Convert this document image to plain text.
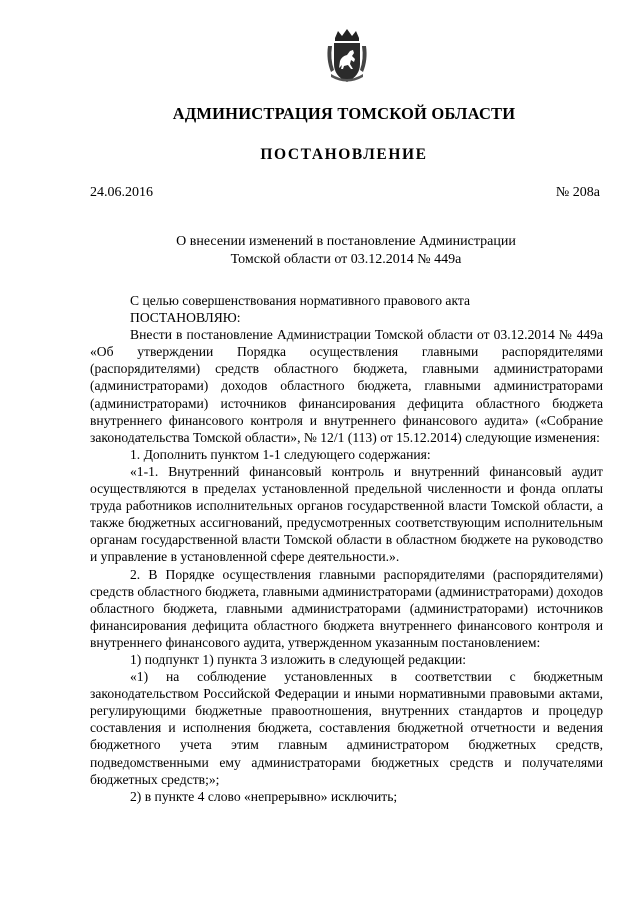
АДМИНИСТРАЦИЯ ТОМСКОЙ ОБЛАСТИ
ПОСТАНОВЛЕНИЕ
24.06.2016	№ 208а
О внесении изменений в постановление Администрации
Томской области от 03.12.2014 № 449а

С целью совершенствования нормативного правового акта

ПОСТАНОВЛЯЮ:

Внести в постановление Администрации Томской области от 03.12.2014 № 449а «Об утверждении Порядка осуществления главными распорядителями (распорядителями) средств областного бюджета, главными администраторами (администраторами) доходов областного бюджета, главными администраторами (администраторами) источников финансирования дефицита областного бюджета внутреннего финансового контроля и внутреннего финансового аудита» («Собрание законодательства Томской области», № 12/1 (113) от 15.12.2014) следующие изменения:

1. Дополнить пунктом 1-1 следующего содержания:

«1-1. Внутренний финансовый контроль и внутренний финансовый аудит осуществляются в пределах установленной предельной численности и фонда оплаты труда работников исполнительных органов государственной власти Томской области, а также бюджетных ассигнований, предусмотренных соответствующим исполнительным органам государственной власти Томской области в областном бюджете на руководство и управление в установленной сфере деятельности.».

2. В Порядке осуществления главными распорядителями (распорядителями) средств областного бюджета, главными администраторами (администраторами) доходов областного бюджета, главными администраторами (администраторами) источников финансирования дефицита областного бюджета внутреннего финансового контроля и внутреннего финансового аудита, утвержденном указанным постановлением:

1) подпункт 1) пункта 3 изложить в следующей редакции:

«1) на соблюдение установленных в соответствии с бюджетным законодательством Российской Федерации и иными нормативными правовыми актами, регулирующими бюджетные правоотношения, внутренних стандартов и процедур составления и исполнения бюджета, составления бюджетной отчетности и ведения бюджетного учета этим главным администратором бюджетных средств, подведомственными ему администраторами бюджетных средств и получателями бюджетных средств;»;

2) в пункте 4 слово «непрерывно» исключить;
